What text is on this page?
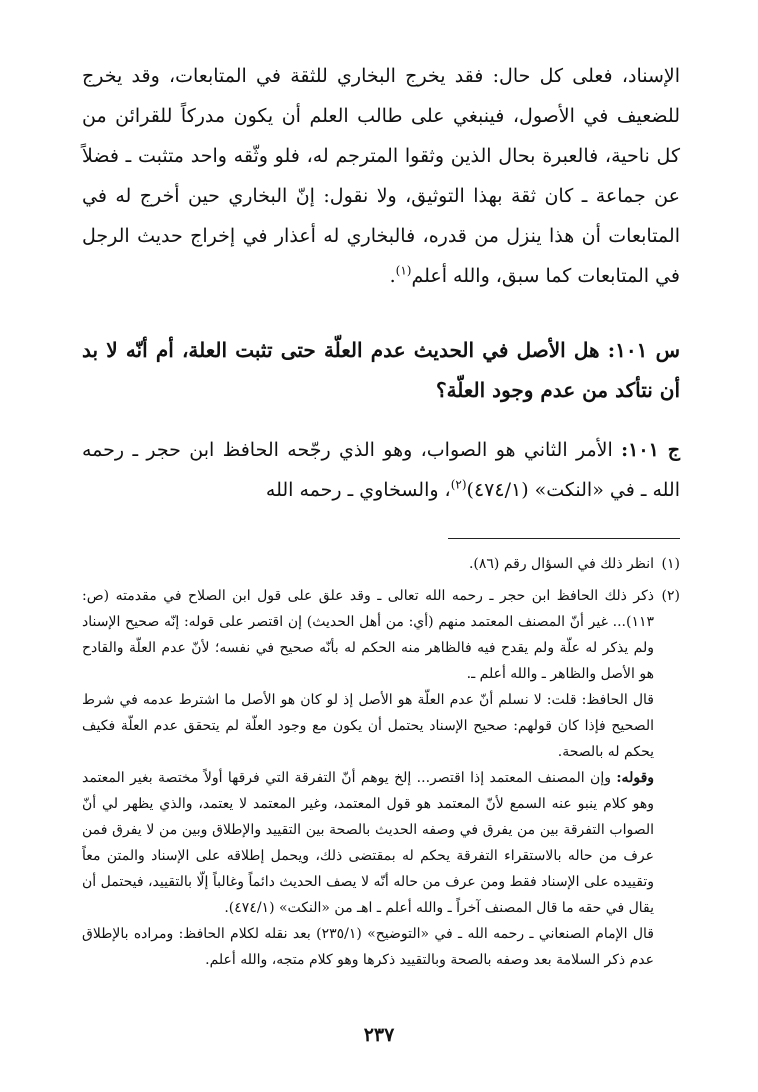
الإسناد، فعلى كل حال: فقد يخرج البخاري للثقة في المتابعات، وقد يخرج للضعيف في الأصول، فينبغي على طالب العلم أن يكون مدركاً للقرائن من كل ناحية، فالعبرة بحال الذين وثقوا المترجم له، فلو وثّقه واحد متثبت ـ فضلاً عن جماعة ـ كان ثقة بهذا التوثيق، ولا نقول: إنّ البخاري حين أخرج له في المتابعات أن هذا ينزل من قدره، فالبخاري له أعذار في إخراج حديث الرجل في المتابعات كما سبق، والله أعلم$^{(١)}$.

س ١٠١: هل الأصل في الحديث عدم العلّة حتى تثبت العلة، أم أنّه لا بد أن نتأكد من عدم وجود العلّة؟

ج ١٠١: الأمر الثاني هو الصواب، وهو الذي رجّحه الحافظ ابن حجر ـ رحمه الله ـ في «النكت» (٤٧٤/١)$^{(٢)}$، والسخاوي ـ رحمه الله

(١)
انظر ذلك في السؤال رقم (٨٦).
(٢)
ذكر ذلك الحافظ ابن حجر ـ رحمه الله تعالى ـ وقد علق على قول ابن الصلاح في مقدمته (ص: ١١٣)... غير أنّ المصنف المعتمد منهم (أي: من أهل الحديث) إن اقتصر على قوله: إنّه صحيح الإسناد ولم يذكر له علّة ولم يقدح فيه فالظاهر منه الحكم له بأنّه صحيح في نفسه؛ لأنّ عدم العلّة والقادح هو الأصل والظاهر ـ والله أعلم ـ.

قال الحافظ: قلت: لا نسلم أنّ عدم العلّة هو الأصل إذ لو كان هو الأصل ما اشترط عدمه في شرط الصحيح فإذا كان قولهم: صحيح الإسناد يحتمل أن يكون مع وجود العلّة لم يتحقق عدم العلّة فكيف يحكم له بالصحة.

وقوله: وإن المصنف المعتمد إذا اقتصر... إلخ يوهم أنّ التفرقة التي فرقها أولاً مختصة بغير المعتمد وهو كلام ينبو عنه السمع لأنّ المعتمد هو قول المعتمد، وغير المعتمد لا يعتمد، والذي يظهر لي أنّ الصواب التفرقة بين من يفرق في وصفه الحديث بالصحة بين التقييد والإطلاق وبين من لا يفرق فمن عرف من حاله بالاستقراء التفرقة يحكم له بمقتضى ذلك، ويحمل إطلاقه على الإسناد والمتن معاً وتقييده على الإسناد فقط ومن عرف من حاله أنّه لا يصف الحديث دائماً وغالباً إلّا بالتقييد، فيحتمل أن يقال في حقه ما قال المصنف آخراً ـ والله أعلم ـ اهـ من «النكت» (٤٧٤/١).

قال الإمام الصنعاني ـ رحمه الله ـ في «التوضيح» (٢٣٥/١) بعد نقله لكلام الحافظ: ومراده بالإطلاق عدم ذكر السلامة بعد وصفه بالصحة وبالتقييد ذكرها وهو كلام متجه، والله أعلم.

٢٣٧
